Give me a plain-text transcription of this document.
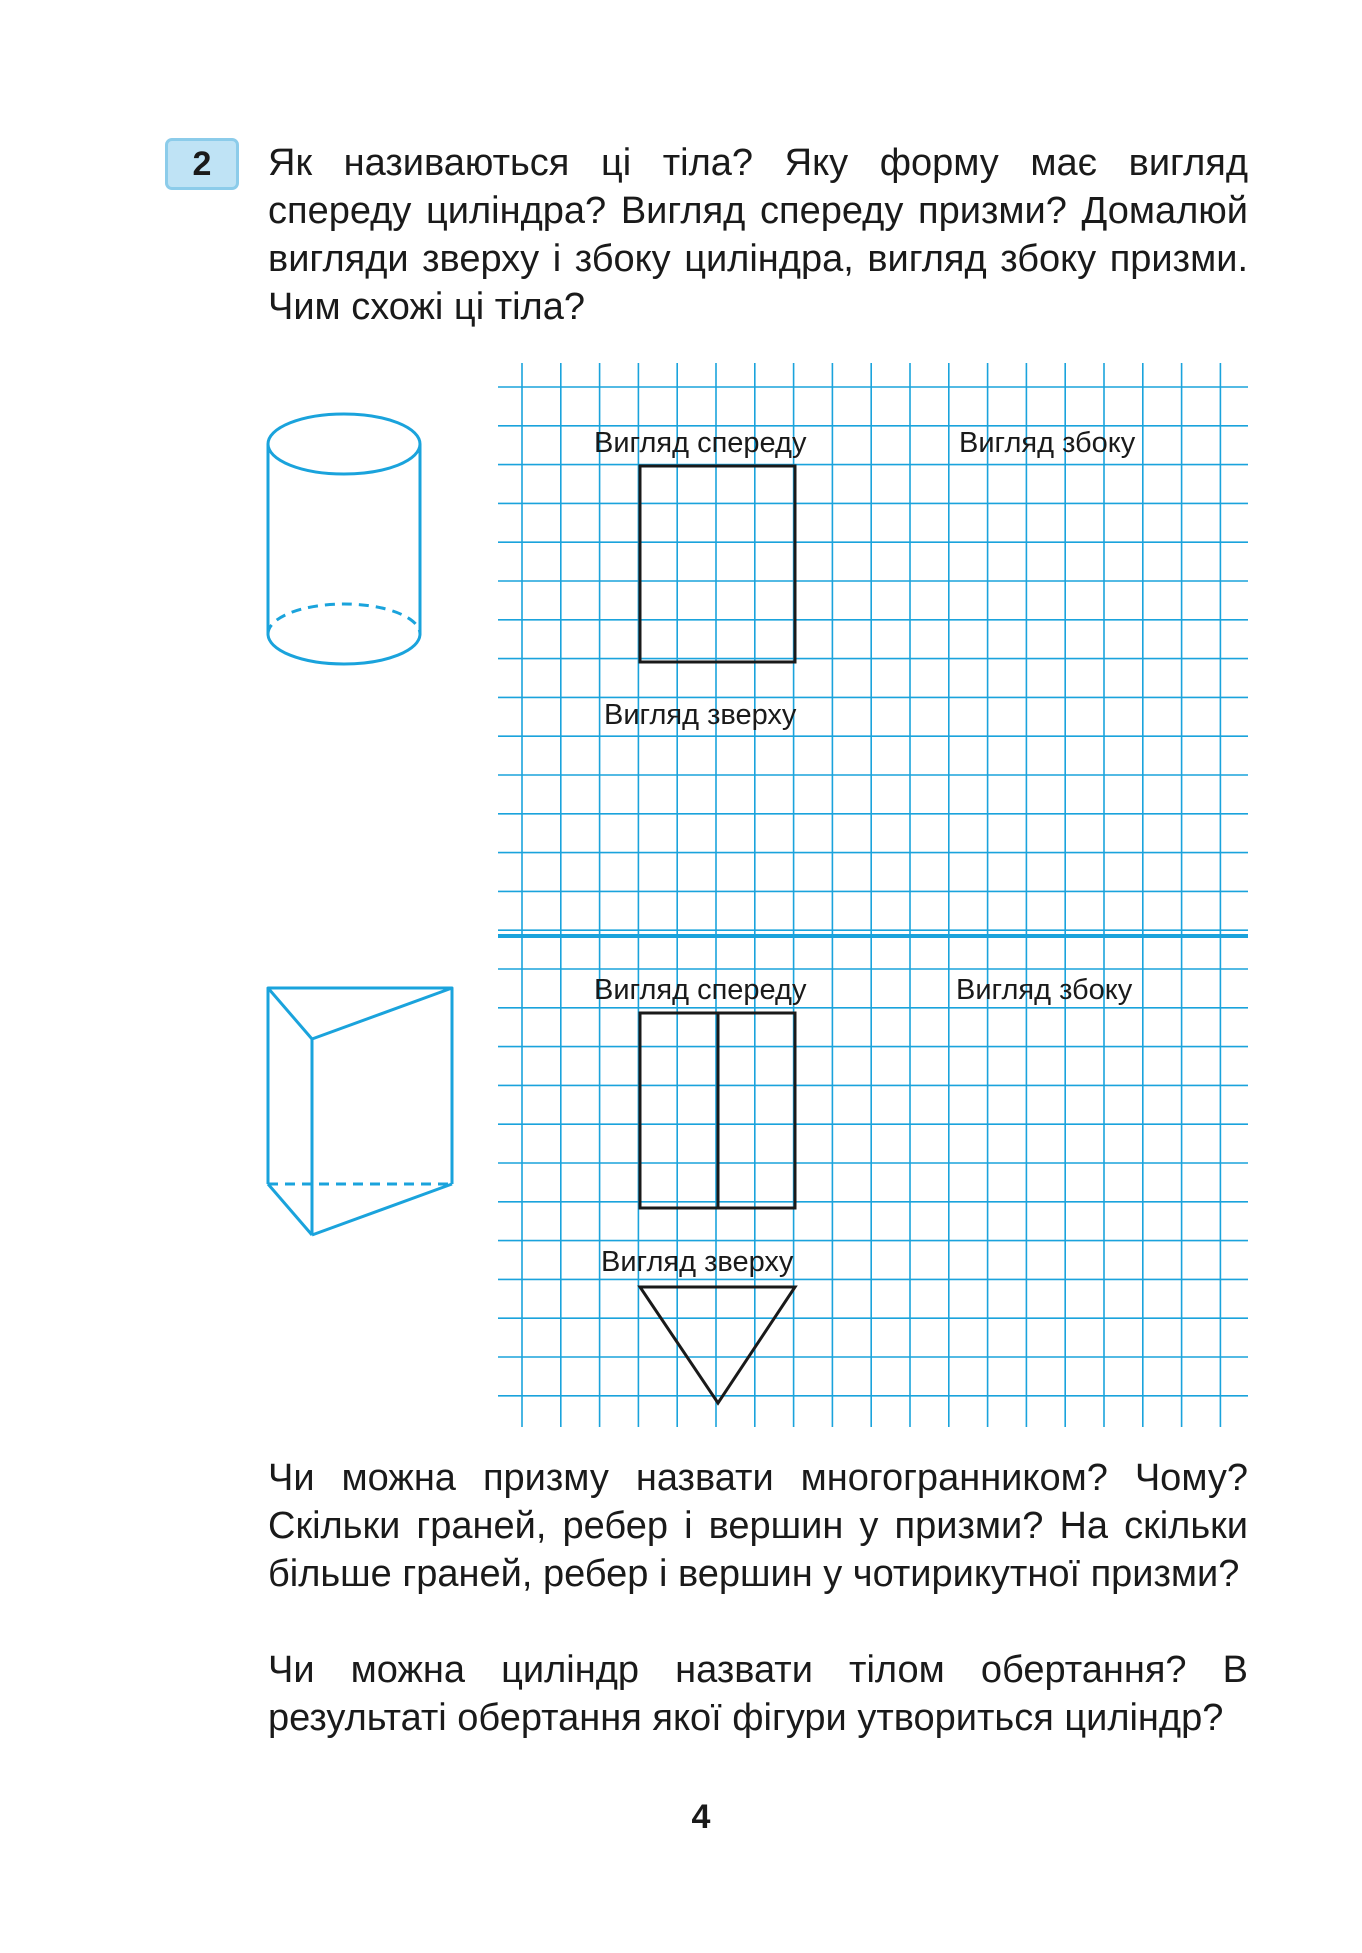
2 Як називаються ці тіла? Яку форму має вигляд спереду циліндра? Вигляд спереду призми? Домалюй вигляди зверху і збоку циліндра, вигляд збоку призми. Чим схожі ці тіла?

Вигляд спереду	Вигляд збоку
Вигляд зверху
Вигляд спереду	Вигляд збоку
Вигляд зверху

Чи можна призму назвати многогранником? Чому? Скільки граней, ребер і вершин у призми? На скільки більше граней, ребер і вершин у чотирикутної призми?

Чи можна циліндр назвати тілом обертання? В результаті обертання якої фігури утвориться циліндр?

4
